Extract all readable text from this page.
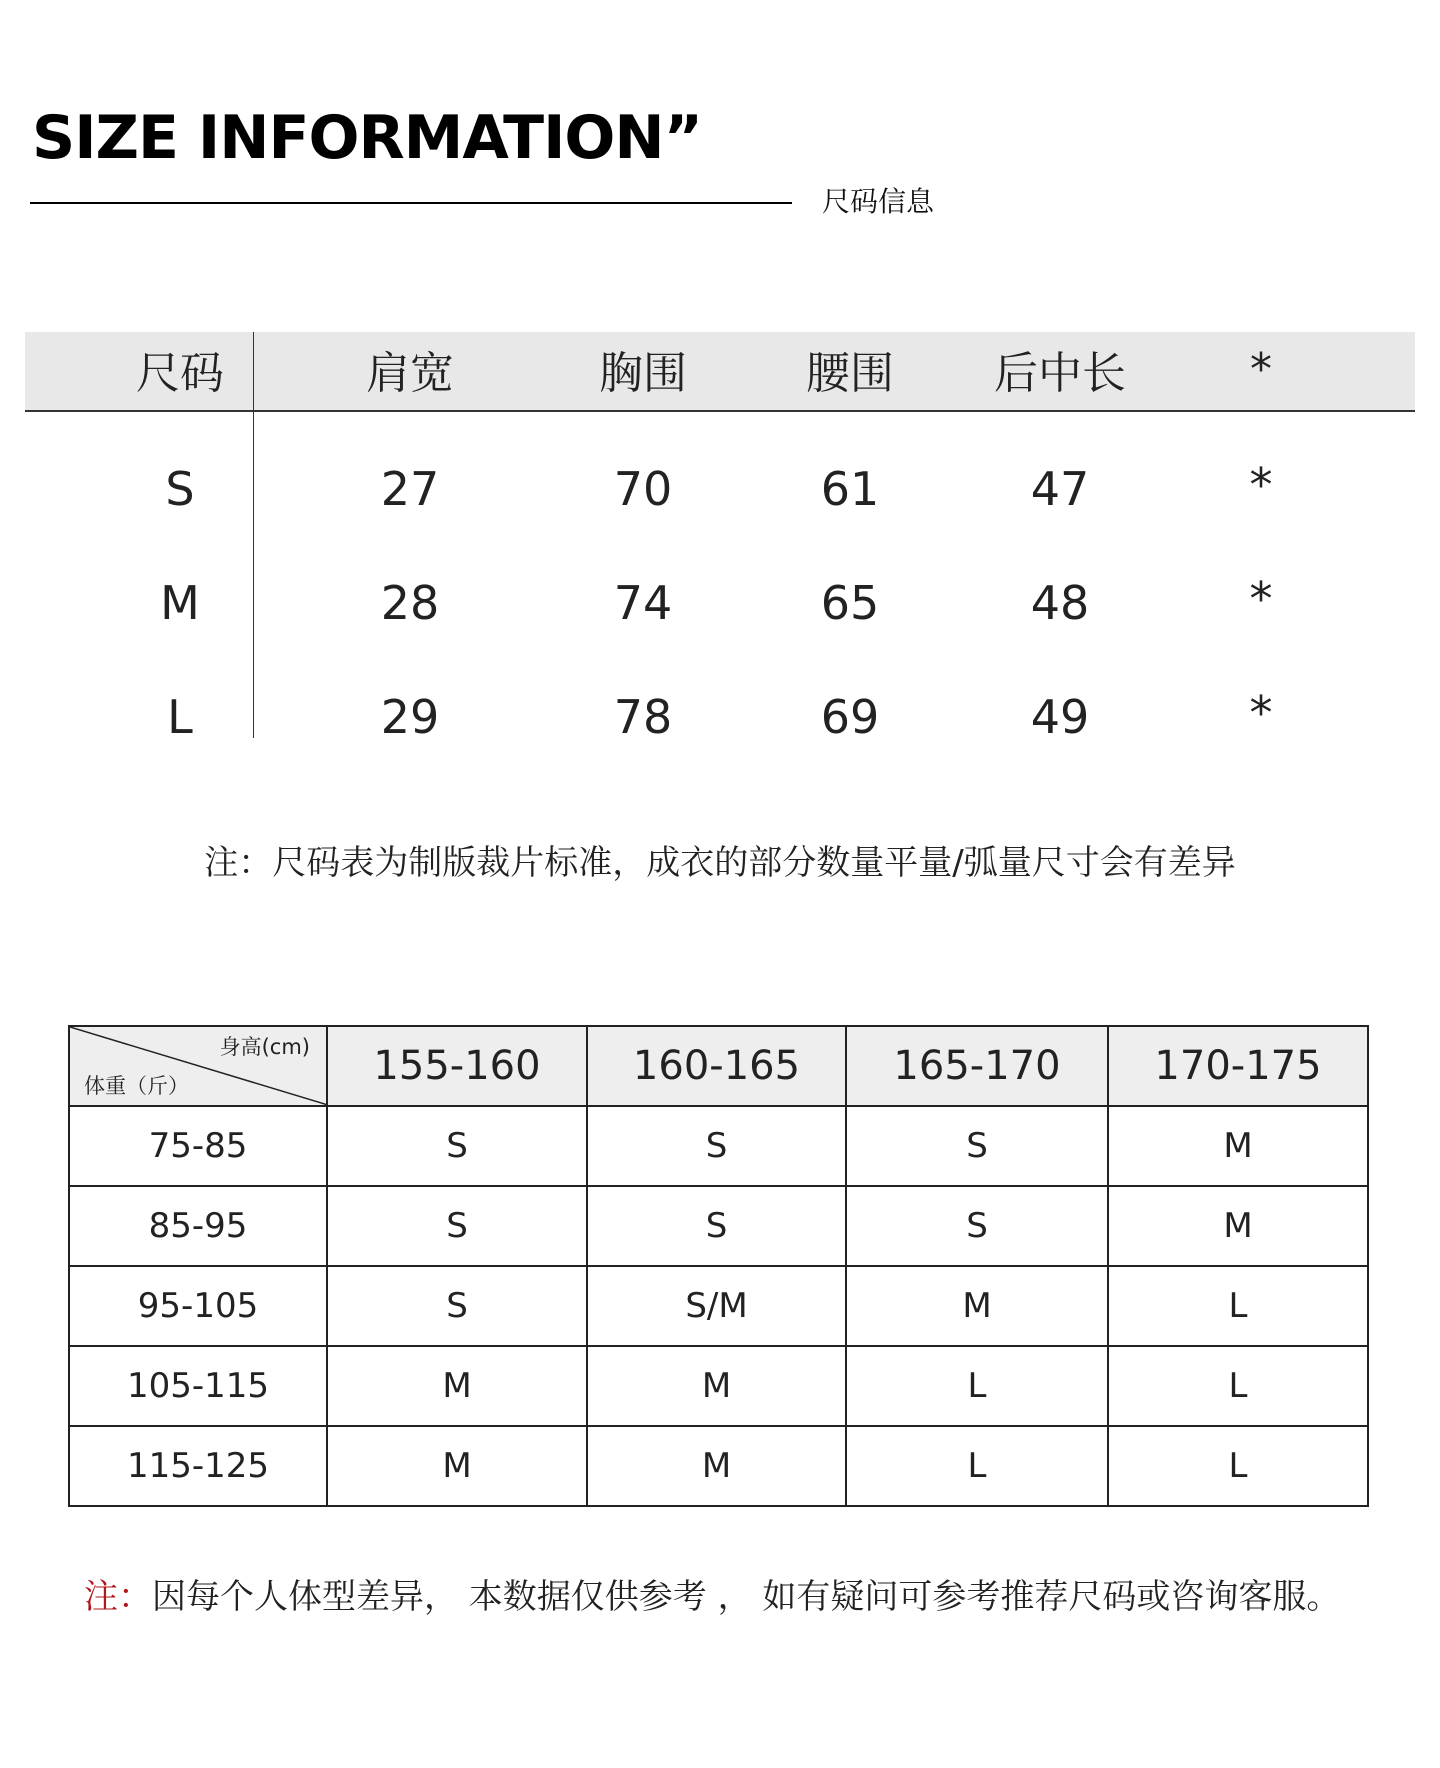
SIZE INFORMATION”
尺码信息
尺码	肩宽	胸围	腰围	后中长	*
S	27	70	61	47	*
M	28	74	65	48	*
L	29	78	69	49	*
注：尺码表为制版裁片标准，成衣的部分数量平量/弧量尺寸会有差异
身高(cm)
体重（斤）	155-160	160-165	165-170	170-175
75-85	S	S	S	M
85-95	S	S	S	M
95-105	S	S/M	M	L
105-115	M	M	L	L
115-125	M	M	L	L
注：因每个人体型差异， 本数据仅供参考 ， 如有疑问可参考推荐尺码或咨询客服。
